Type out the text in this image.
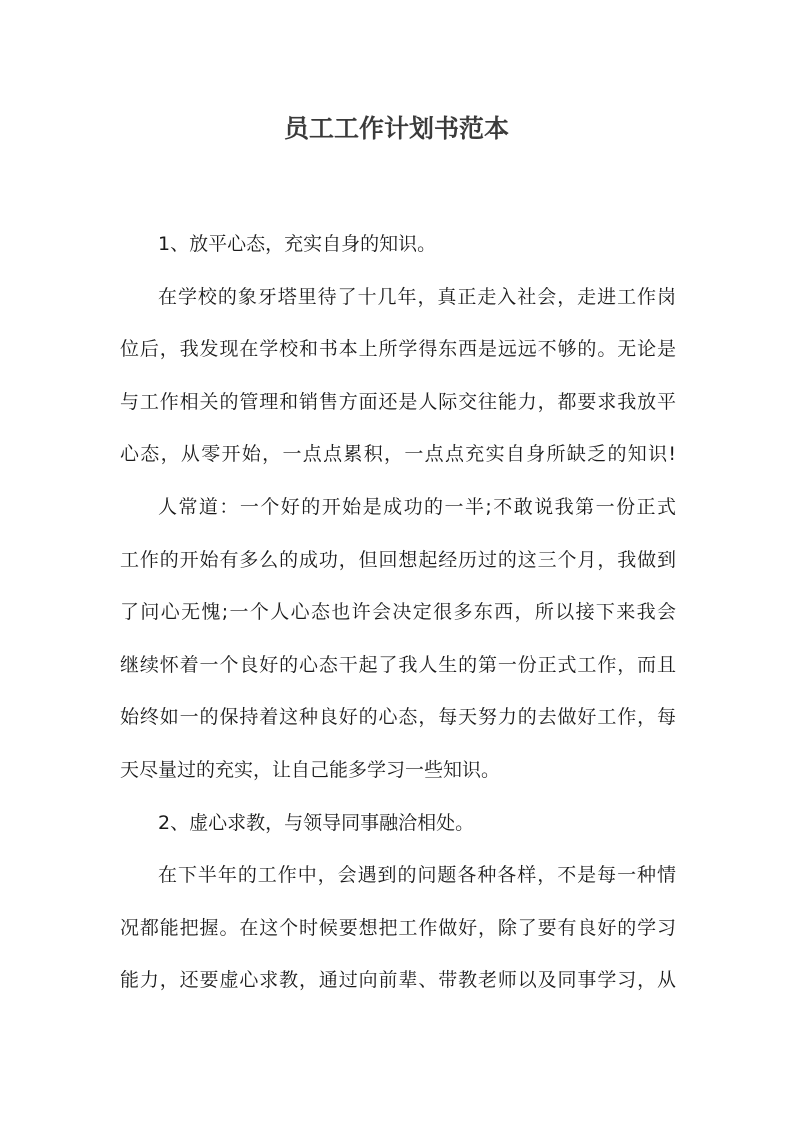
员工工作计划书范本
1、放平心态，充实自身的知识。
在学校的象牙塔里待了十几年，真正走入社会，走进工作岗
位后，我发现在学校和书本上所学得东西是远远不够的。无论是
与工作相关的管理和销售方面还是人际交往能力，都要求我放平
心态，从零开始，一点点累积，一点点充实自身所缺乏的知识!
人常道：一个好的开始是成功的一半;不敢说我第一份正式
工作的开始有多么的成功，但回想起经历过的这三个月，我做到
了问心无愧;一个人心态也许会决定很多东西，所以接下来我会
继续怀着一个良好的心态干起了我人生的第一份正式工作，而且
始终如一的保持着这种良好的心态，每天努力的去做好工作，每
天尽量过的充实，让自己能多学习一些知识。
2、虚心求教，与领导同事融洽相处。
在下半年的工作中，会遇到的问题各种各样，不是每一种情
况都能把握。在这个时候要想把工作做好，除了要有良好的学习
能力，还要虚心求教，通过向前辈、带教老师以及同事学习，从
